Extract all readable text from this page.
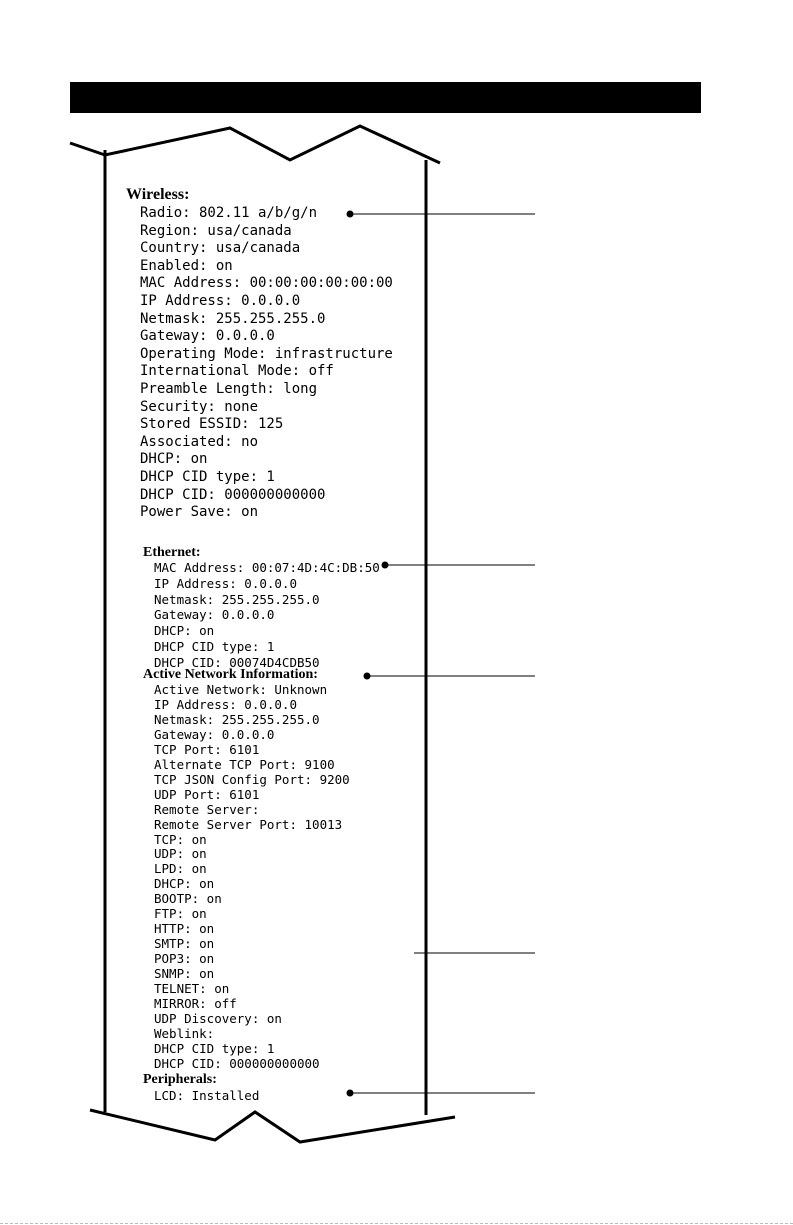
Wireless:
Radio: 802.11 a/b/g/n
Region: usa/canada
Country: usa/canada
Enabled: on
MAC Address: 00:00:00:00:00:00
IP Address: 0.0.0.0
Netmask: 255.255.255.0
Gateway: 0.0.0.0
Operating Mode: infrastructure
International Mode: off
Preamble Length: long
Security: none
Stored ESSID: 125
Associated: no
DHCP: on
DHCP CID type: 1
DHCP CID: 000000000000
Power Save: on
Ethernet:
MAC Address: 00:07:4D:4C:DB:50
IP Address: 0.0.0.0
Netmask: 255.255.255.0
Gateway: 0.0.0.0
DHCP: on
DHCP CID type: 1
DHCP CID: 00074D4CDB50
Active Network Information:
Active Network: Unknown
IP Address: 0.0.0.0
Netmask: 255.255.255.0
Gateway: 0.0.0.0
TCP Port: 6101
Alternate TCP Port: 9100
TCP JSON Config Port: 9200
UDP Port: 6101
Remote Server:
Remote Server Port: 10013
TCP: on
UDP: on
LPD: on
DHCP: on
BOOTP: on
FTP: on
HTTP: on
SMTP: on
POP3: on
SNMP: on
TELNET: on
MIRROR: off
UDP Discovery: on
Weblink:
DHCP CID type: 1
DHCP CID: 000000000000
Peripherals:
LCD: Installed
